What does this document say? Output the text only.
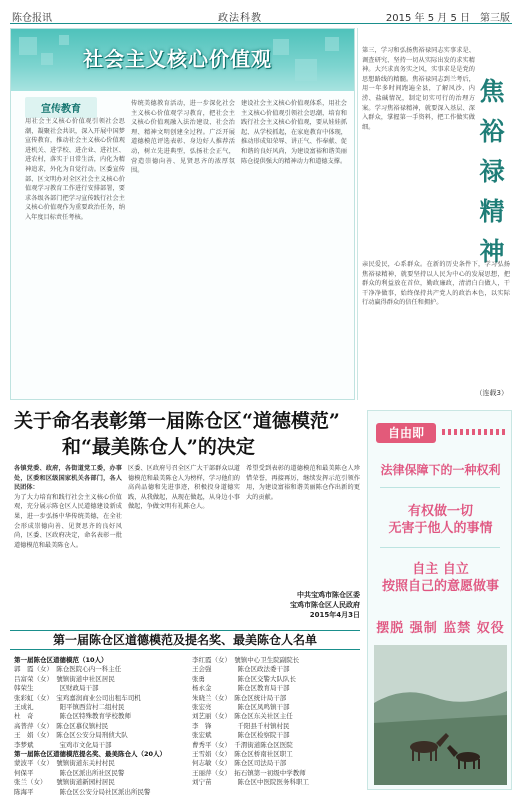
陈仓报讯	政法科教	2015 年 5 月 5 日　 第三版
社会主义核心价值观
宣传教育
用社会主义核心价值观引领社会思潮，凝聚社会共识，深入开展中国梦宣传教育，推动社会主义核心价值观进机关、进学校、进企业、进社区、进农村，落实于日常生活，内化为精神追求，外化为自觉行动。区委宣传部、区文明办对全区社会主义核心价值观学习教育工作进行安排部署，要求各级各部门把学习宣传践行社会主义核心价值观作为重要政治任务，纳入年度目标责任考核。
传统美德教育活动，进一步深化社会主义核心价值观学习教育，把社会主义核心价值观融入法治建设、社会治理、精神文明创建全过程。广泛开展道德模范评选表彰、身边好人推荐活动，树立先进典型，弘扬社会正气，营造崇德向善、见贤思齐的浓厚氛围。
建设社会主义核心价值观体系，用社会主义核心价值观引领社会思潮，培育和践行社会主义核心价值观，要从娃娃抓起、从学校抓起，在家庭教育中体现，推动形成知荣辱、讲正气、作奉献、促和谐的良好风尚，为建设富裕和谐美丽陈仓提供强大的精神动力和道德支撑。
第三，学习和弘扬焦裕禄同志实事求是、调查研究、坚持一切从实际出发的求实精神。大兴求真务实之风，实事求是是党的思想路线的精髓。焦裕禄同志到兰考后，用一年多时间跑遍全县，了解风沙、内涝、盐碱情况，制定切实可行的治理方案。学习焦裕禄精神，就要深入基层、深入群众，掌握第一手资料，把工作做实做细。
焦裕禄精神
亲民爱民，心系群众。在新的历史条件下，学习弘扬焦裕禄精神，就要坚持以人民为中心的发展思想，把群众的利益放在首位，勤政廉政，清清白白做人，干干净净做事，始终保持共产党人的政治本色，以实际行动赢得群众的信任和拥护。
（连载3）
关于命名表彰第一届陈仓区“道德模范”
和“最美陈仓人”的决定
各镇党委、政府，各街道党工委，办事处，区委和区级国家机关各部门，各人民团体：
为了大力培育和践行社会主义核心价值观，充分展示陈仓区人民道德建设新成果，进一步弘扬中华传统美德，在全社会形成崇德向善、见贤思齐的良好风尚，区委、区政府决定，命名表彰一批道德模范和最美陈仓人。
区委、区政府号召全区广大干部群众以道德模范和最美陈仓人为榜样，学习他们的高尚品德和先进事迹，积极投身道德实践，从我做起，从现在做起，从身边小事做起，争做文明有礼陈仓人。
希望受到表彰的道德模范和最美陈仓人珍惜荣誉，再接再厉，继续发挥示范引领作用，为建设富裕和谐美丽陈仓作出新的更大的贡献。
中共宝鸡市陈仓区委
宝鸡市陈仓区人民政府
2015年4月3日
第一届陈仓区道德模范及提名奖、最美陈仓人名单
第一届陈仓区道德模范（10人）
郭　霞（女）　陈仓医院心内一科主任
吕富荣（女）　號镇街道中社区居民
韩荣生　　　　区财政局干部
张彩虹（女）　宝鸡嘉润商业公司出租车司机
王成礼　　　　阳平镇西营村二组村民
杜　奇　　　　陈仓区特殊教育学校教师
高普萍（女）　陈仓区慕仪镇村民
王　娟（女）　陈仓区公安分局刑侦大队
李梦斌　　　　宝鸡市文化局干部
第一届陈仓区道德模范提名奖、最美陈仓人（20人）
蒙波平（女）　號镇街道东关村村民
何保平　　　　陈仓区派出所社区民警
张兰（女）　　號镇街道新园村居民
陈海平　　　　陈仓区公安分局社区派出所民警
李红霞（女）　號镇中心卫生院副院长
王会强　　　　陈仓区政法委干部
张勇　　　　　陈仓区交警大队队长
杨永金　　　　陈仓区教育局干部
朱晓兰（女）　陈仓区统计局干部
张宏亮　　　　陈仓区凤鸣镇干部
刘艺丽（女）　陈仓区东关社区主任
李　锋　　　　千阳县千村镇村民
张宏斌　　　　陈仓区检察院干部
曹秀平（女）　千渭街道陈仓区医院
王雪娟（女）　陈仓区桥南社区职工
何志敏（女）　陈仓区司法局干部
王丽萍（女）　拓石镇第一初级中学教师
刘宁苗　　　　陈仓区中医院医务科职工
自由即
法律保障下的一种权利
有权做一切
无害于他人的事情
自主 自立
按照自己的意愿做事
摆脱 强制 监禁 奴役
